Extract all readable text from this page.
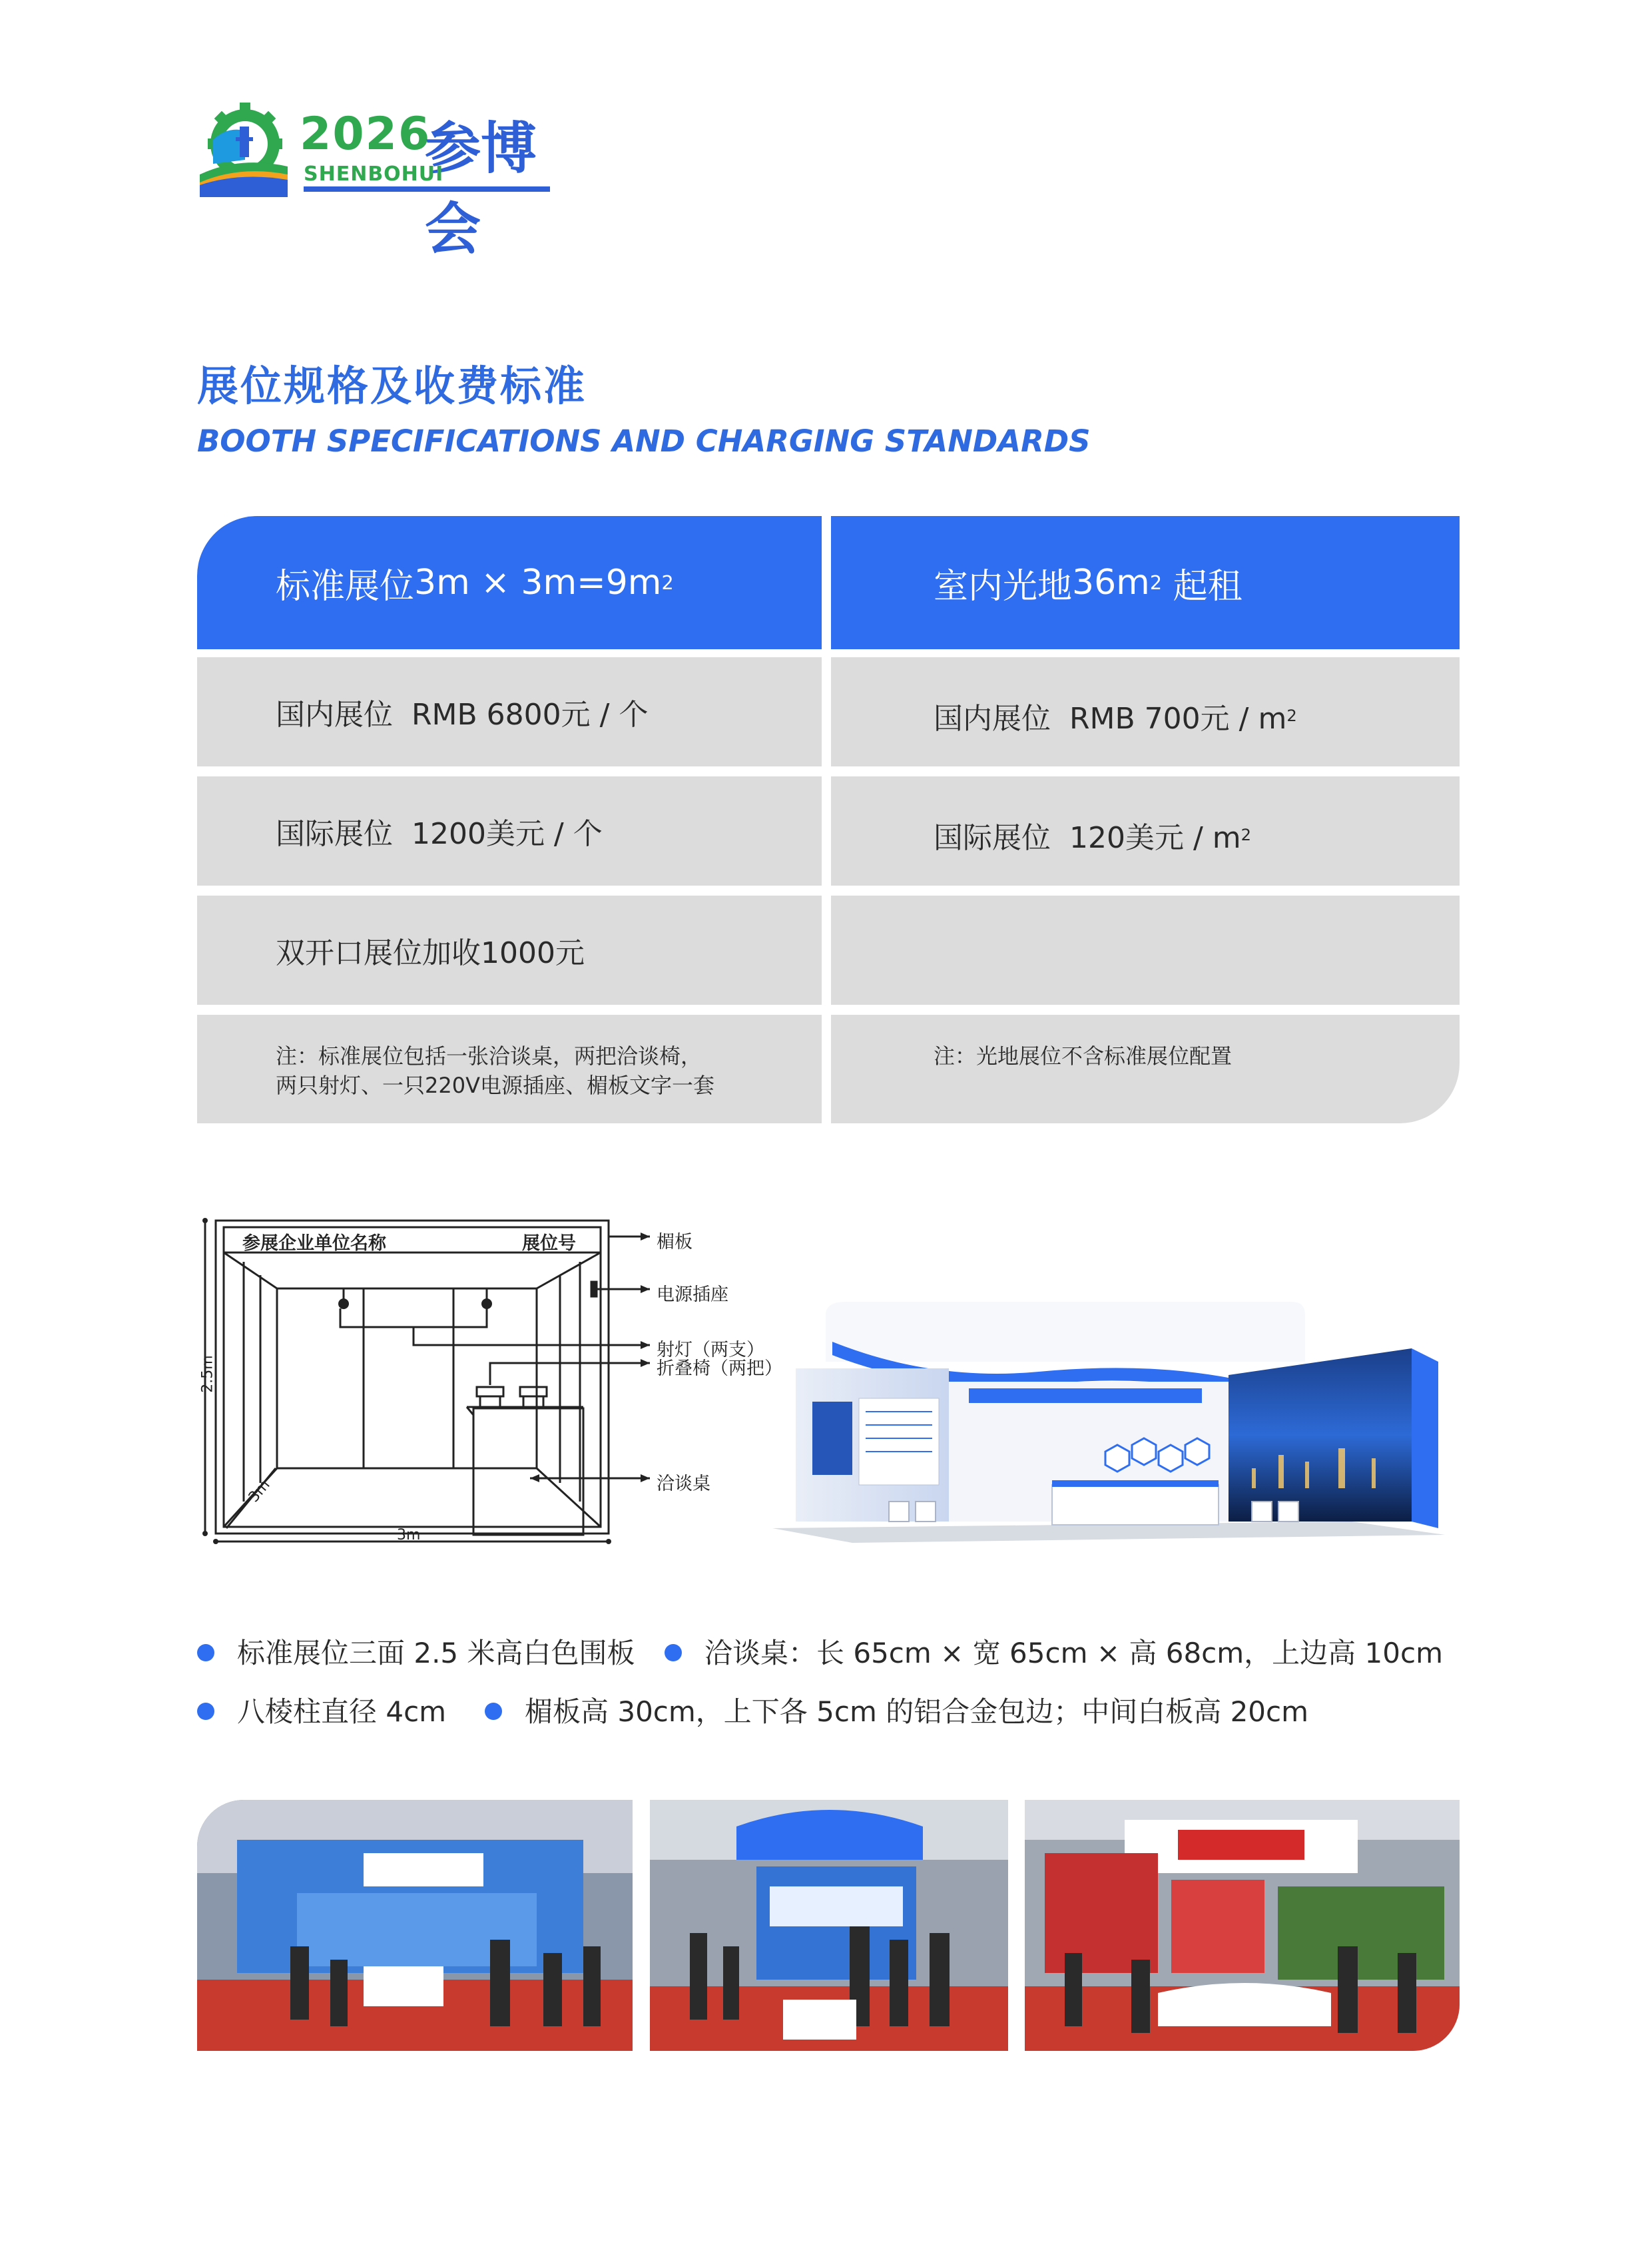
2026
参博会
SHENBOHUI
展位规格及收费标准
BOOTH SPECIFICATIONS AND CHARGING STANDARDS
标准展位 3m × 3m=9m 2	室内光地 36m 2 起租
国内展位  RMB 6800元 / 个	国内展位  RMB 700元 / m 2
国际展位  1200美元 / 个	国际展位  120美元 / m 2
双开口展位加收1000元
注：标准展位包括一张洽谈桌，两把洽谈椅，
两只射灯、一只220V电源插座、楣板文字一套
注：光地展位不含标准展位配置
参展企业单位名称	展位号	楣板
电源插座
射灯（两支）
折叠椅（两把）
洽谈桌
2.5m
3m
3m
标准展位三面 2.5 米高白色围板	洽谈桌：长 65cm × 宽 65cm × 高 68cm，上边高 10cm
八棱柱直径 4cm	楣板高 30cm，上下各 5cm 的铝合金包边；中间白板高 20cm
